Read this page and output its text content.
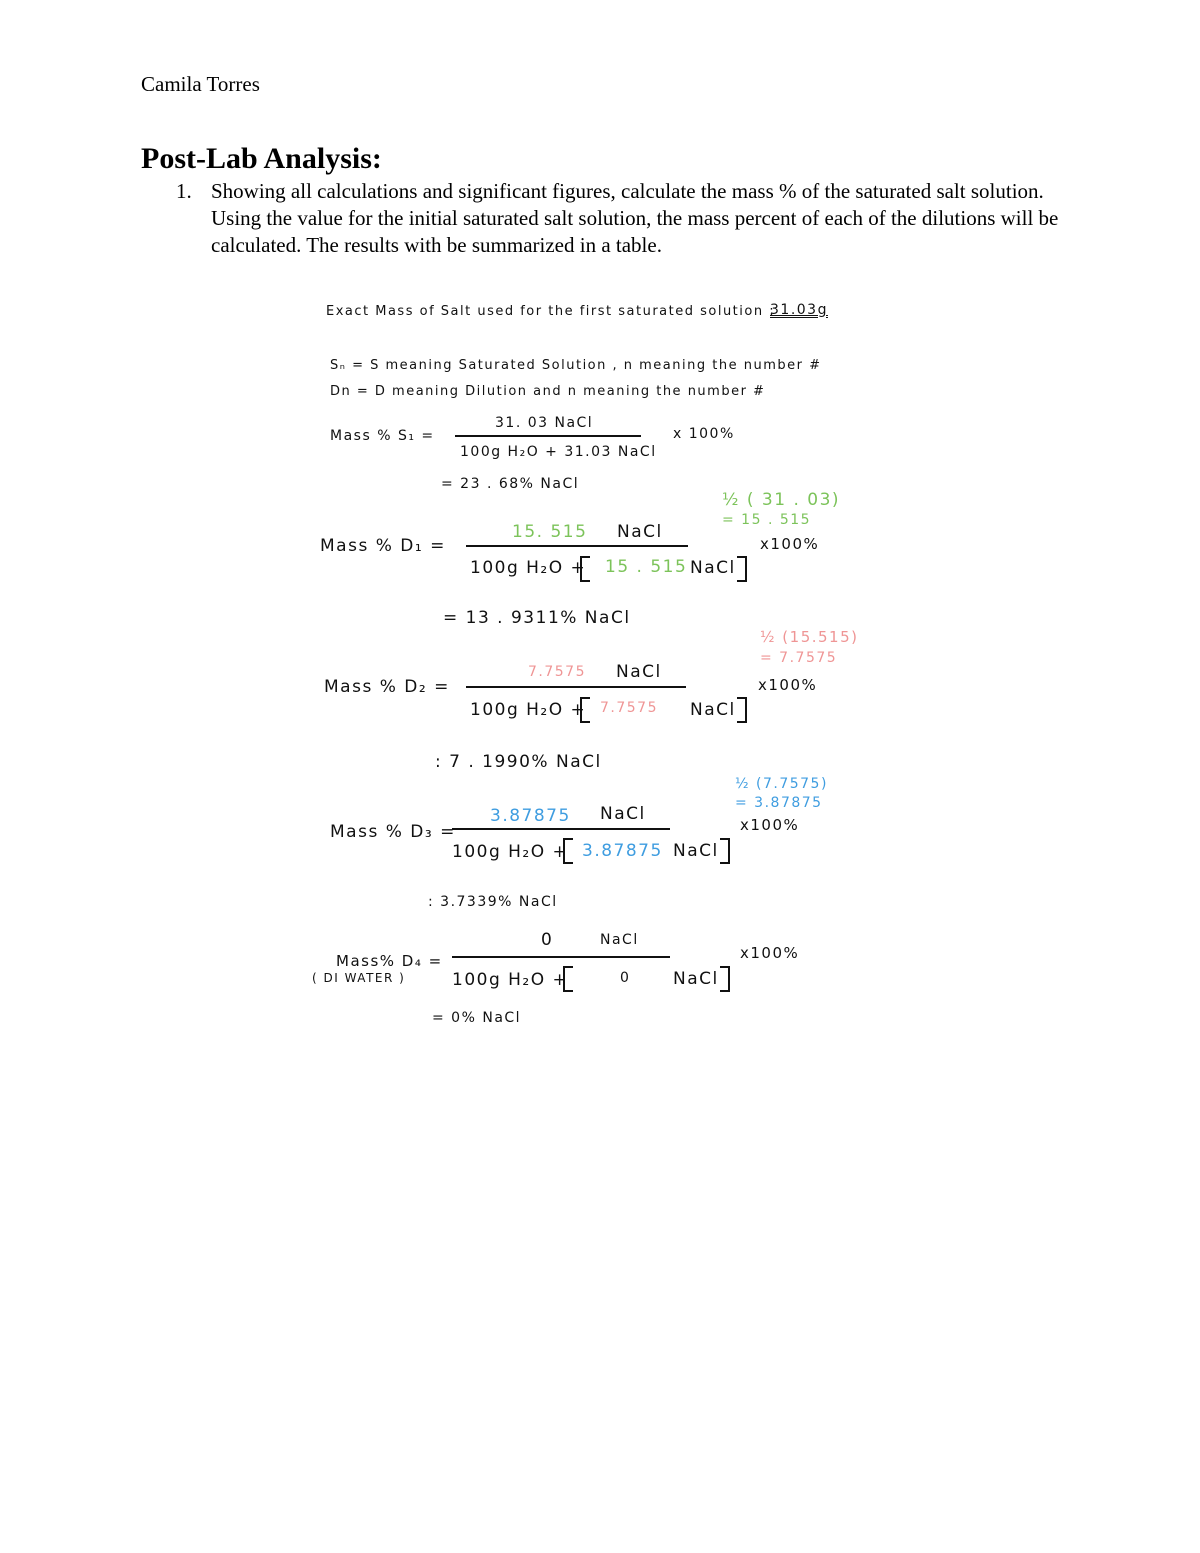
Camila Torres
Post-Lab Analysis:
1. Showing all calculations and significant figures, calculate the mass % of the saturated salt solution. Using the value for the initial saturated salt solution, the mass percent of each of the dilutions will be calculated. The results with be summarized in a table.
Exact Mass of Salt used for the first saturated solution :
31.03g
Sₙ = S meaning Saturated Solution , n meaning the number #
Dn = D meaning Dilution and n meaning the number #
Mass % S₁ =
31. 03 NaCl
100g H₂O + 31.03 NaCl
x 100%
= 23 . 68% NaCl
½ ( 31 . 03)
= 15 . 515
Mass % D₁ =
15. 515 NaCl
100g H₂O + 15 . 515 NaCl
x100%
= 13 . 9311% NaCl
½ (15.515)
= 7.7575
Mass % D₂ =
7.7575 NaCl
100g H₂O + 7.7575 NaCl
x100%
: 7 . 1990% NaCl
½ (7.7575)
= 3.87875
x100%
Mass % D₃ =
3.87875 NaCl
100g H₂O + 3.87875 NaCl
: 3.7339% NaCl
x100%
Mass% D₄ =
( DI WATER )
0	NaCl
100g H₂O +	0	NaCl
= 0% NaCl
